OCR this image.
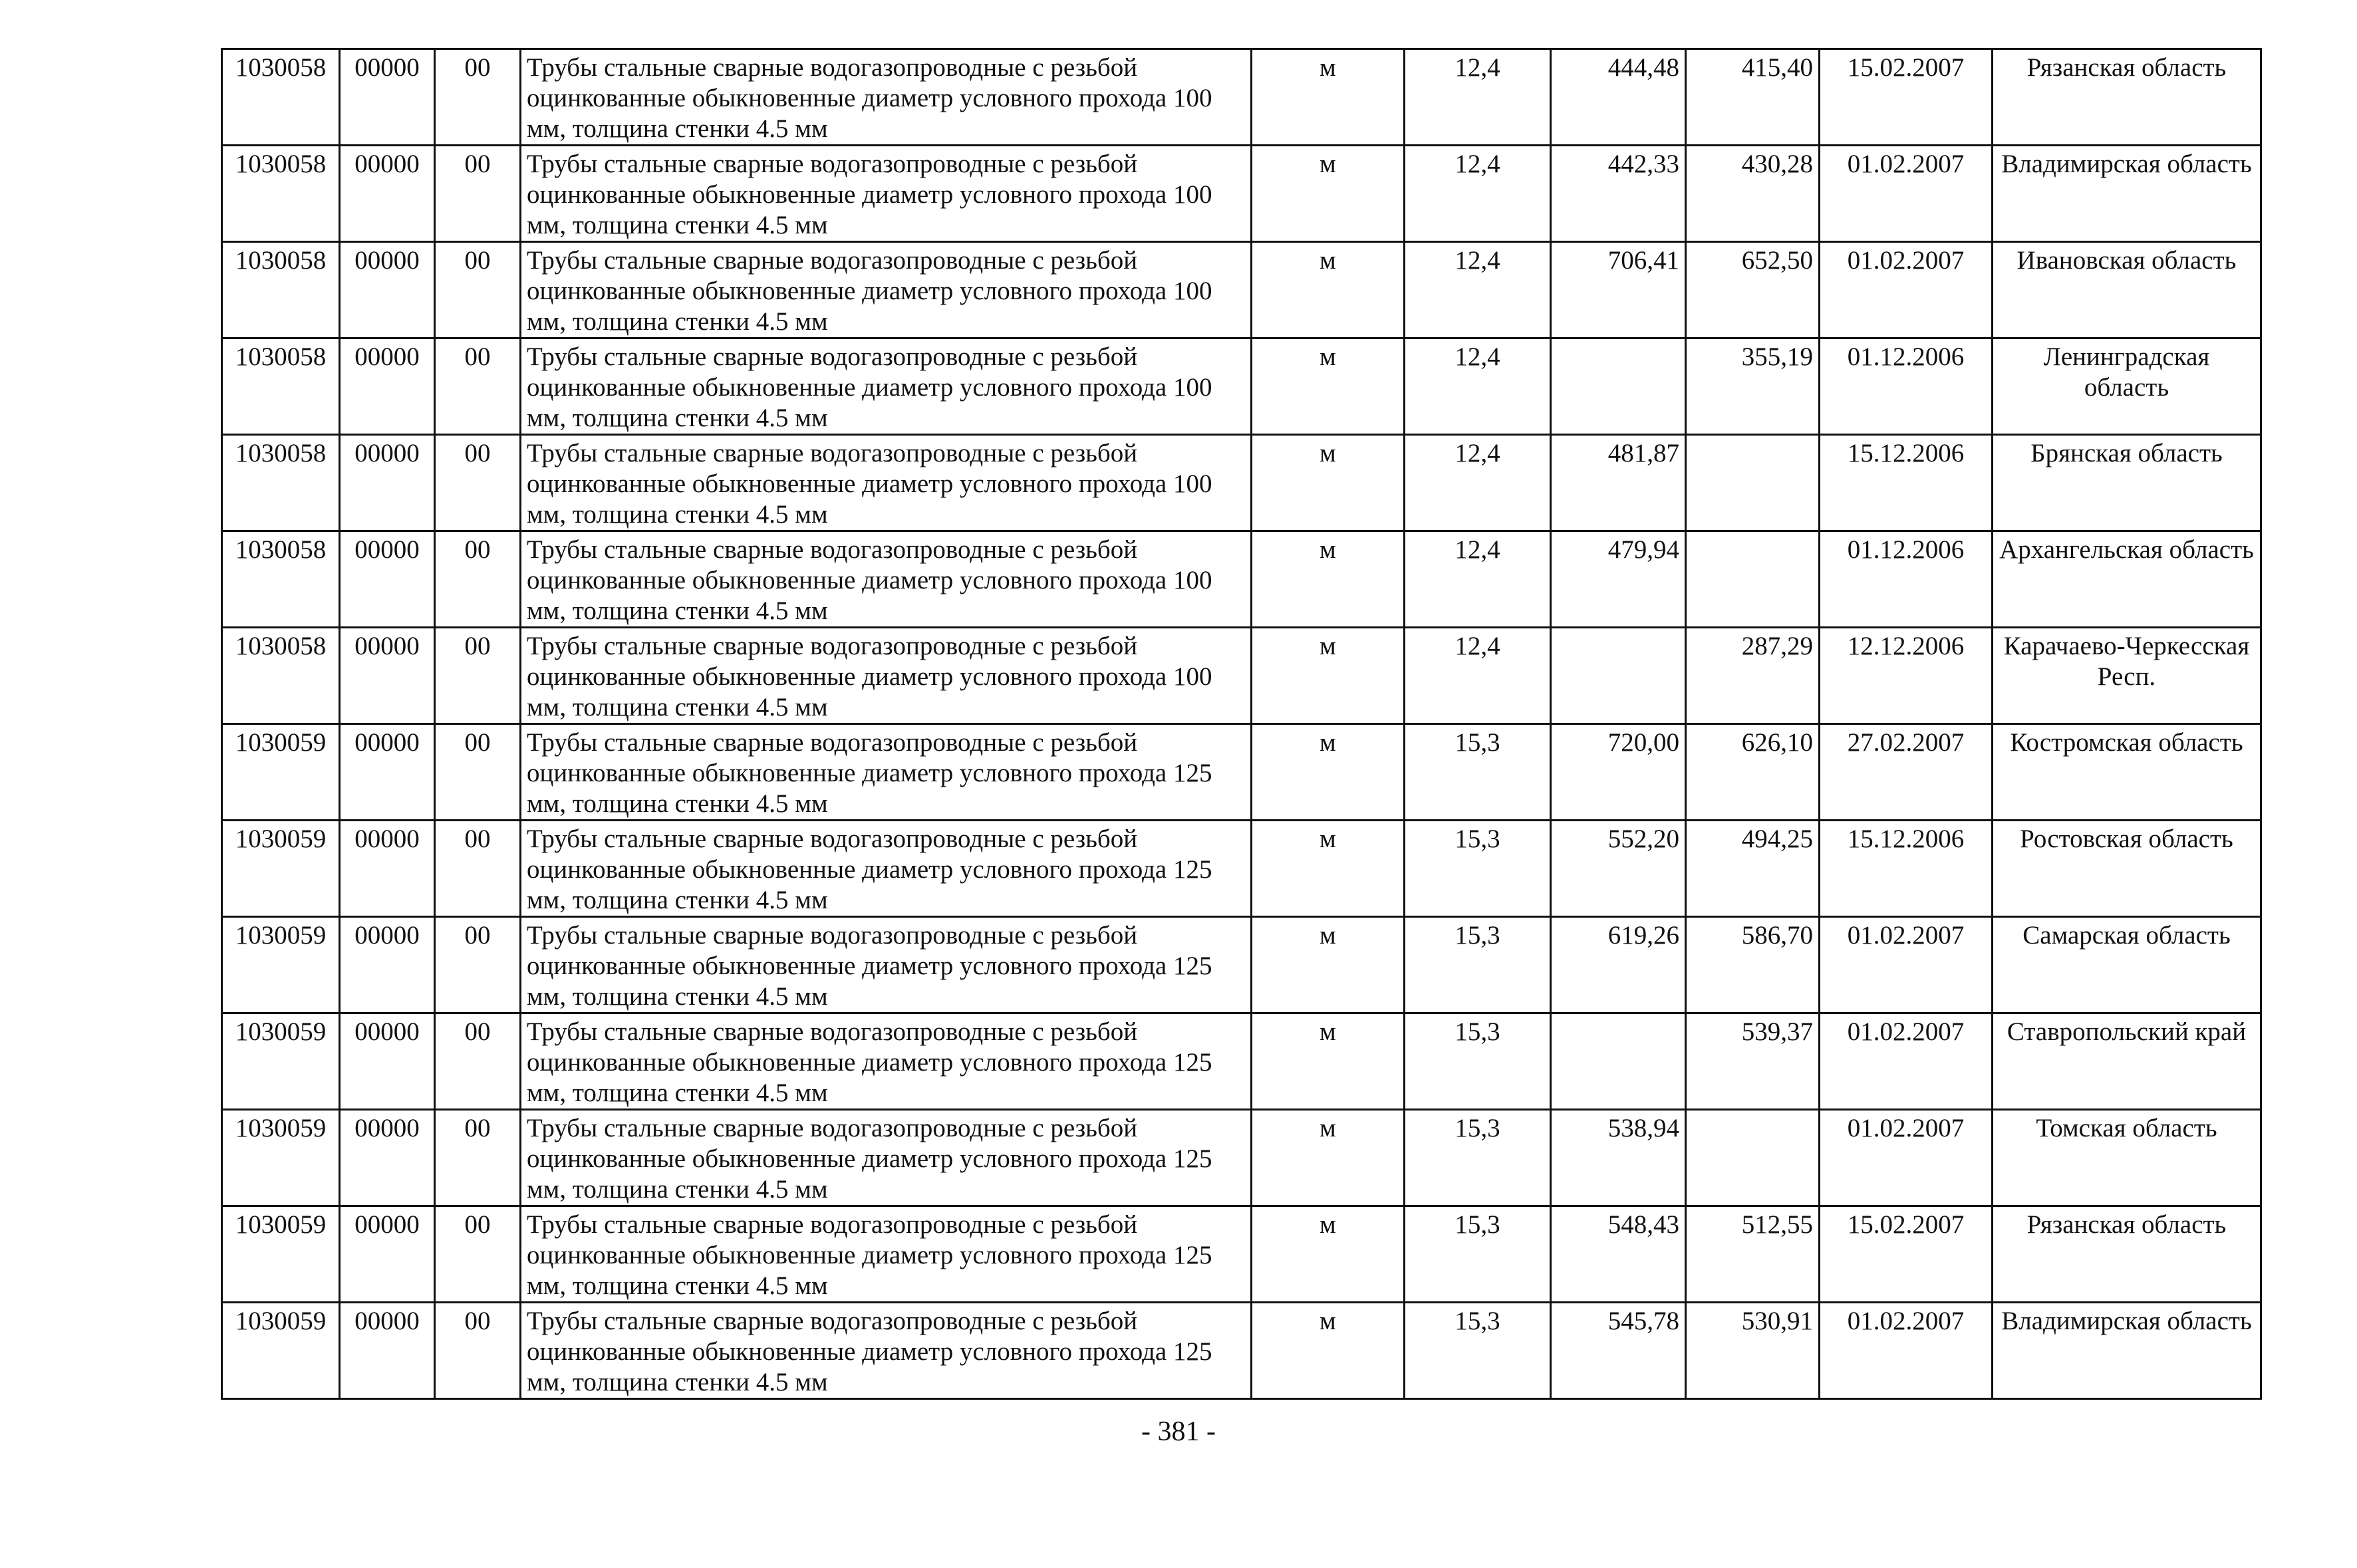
1030058	00000	00	Трубы стальные сварные водогазопроводные с резьбой оцинкованные обыкновенные диаметр условного прохода 100 мм, толщина стенки 4.5 мм	м	12,4	444,48	415,40	15.02.2007	Рязанская область
1030058	00000	00	Трубы стальные сварные водогазопроводные с резьбой оцинкованные обыкновенные диаметр условного прохода 100 мм, толщина стенки 4.5 мм	м	12,4	442,33	430,28	01.02.2007	Владимирская область
1030058	00000	00	Трубы стальные сварные водогазопроводные с резьбой оцинкованные обыкновенные диаметр условного прохода 100 мм, толщина стенки 4.5 мм	м	12,4	706,41	652,50	01.02.2007	Ивановская область
1030058	00000	00	Трубы стальные сварные водогазопроводные с резьбой оцинкованные обыкновенные диаметр условного прохода 100 мм, толщина стенки 4.5 мм	м	12,4		355,19	01.12.2006	Ленинградская область
1030058	00000	00	Трубы стальные сварные водогазопроводные с резьбой оцинкованные обыкновенные диаметр условного прохода 100 мм, толщина стенки 4.5 мм	м	12,4	481,87		15.12.2006	Брянская область
1030058	00000	00	Трубы стальные сварные водогазопроводные с резьбой оцинкованные обыкновенные диаметр условного прохода 100 мм, толщина стенки 4.5 мм	м	12,4	479,94		01.12.2006	Архангельская область
1030058	00000	00	Трубы стальные сварные водогазопроводные с резьбой оцинкованные обыкновенные диаметр условного прохода 100 мм, толщина стенки 4.5 мм	м	12,4		287,29	12.12.2006	Карачаево-Черкесская Респ.
1030059	00000	00	Трубы стальные сварные водогазопроводные с резьбой оцинкованные обыкновенные диаметр условного прохода 125 мм, толщина стенки 4.5 мм	м	15,3	720,00	626,10	27.02.2007	Костромская область
1030059	00000	00	Трубы стальные сварные водогазопроводные с резьбой оцинкованные обыкновенные диаметр условного прохода 125 мм, толщина стенки 4.5 мм	м	15,3	552,20	494,25	15.12.2006	Ростовская область
1030059	00000	00	Трубы стальные сварные водогазопроводные с резьбой оцинкованные обыкновенные диаметр условного прохода 125 мм, толщина стенки 4.5 мм	м	15,3	619,26	586,70	01.02.2007	Самарская область
1030059	00000	00	Трубы стальные сварные водогазопроводные с резьбой оцинкованные обыкновенные диаметр условного прохода 125 мм, толщина стенки 4.5 мм	м	15,3		539,37	01.02.2007	Ставропольский край
1030059	00000	00	Трубы стальные сварные водогазопроводные с резьбой оцинкованные обыкновенные диаметр условного прохода 125 мм, толщина стенки 4.5 мм	м	15,3	538,94		01.02.2007	Томская область
1030059	00000	00	Трубы стальные сварные водогазопроводные с резьбой оцинкованные обыкновенные диаметр условного прохода 125 мм, толщина стенки 4.5 мм	м	15,3	548,43	512,55	15.02.2007	Рязанская область
1030059	00000	00	Трубы стальные сварные водогазопроводные с резьбой оцинкованные обыкновенные диаметр условного прохода 125 мм, толщина стенки 4.5 мм	м	15,3	545,78	530,91	01.02.2007	Владимирская область
- 381 -
